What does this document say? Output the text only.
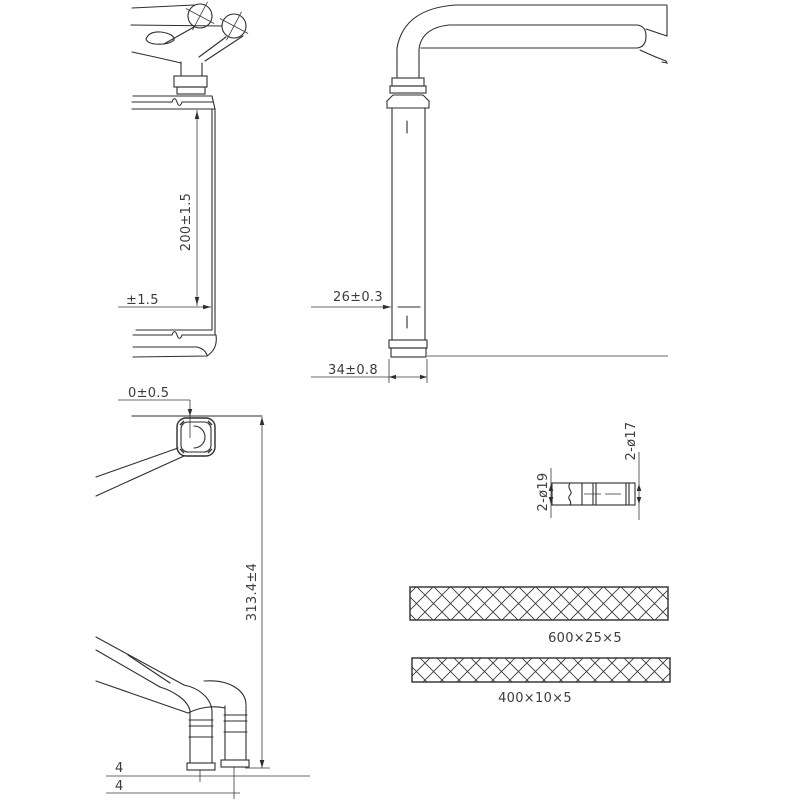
200±1.5
±1.5	26±0.3
34±0.8
0±0.5
313.4±4
4
4
2-ø19
2-ø17
600×25×5
400×10×5
